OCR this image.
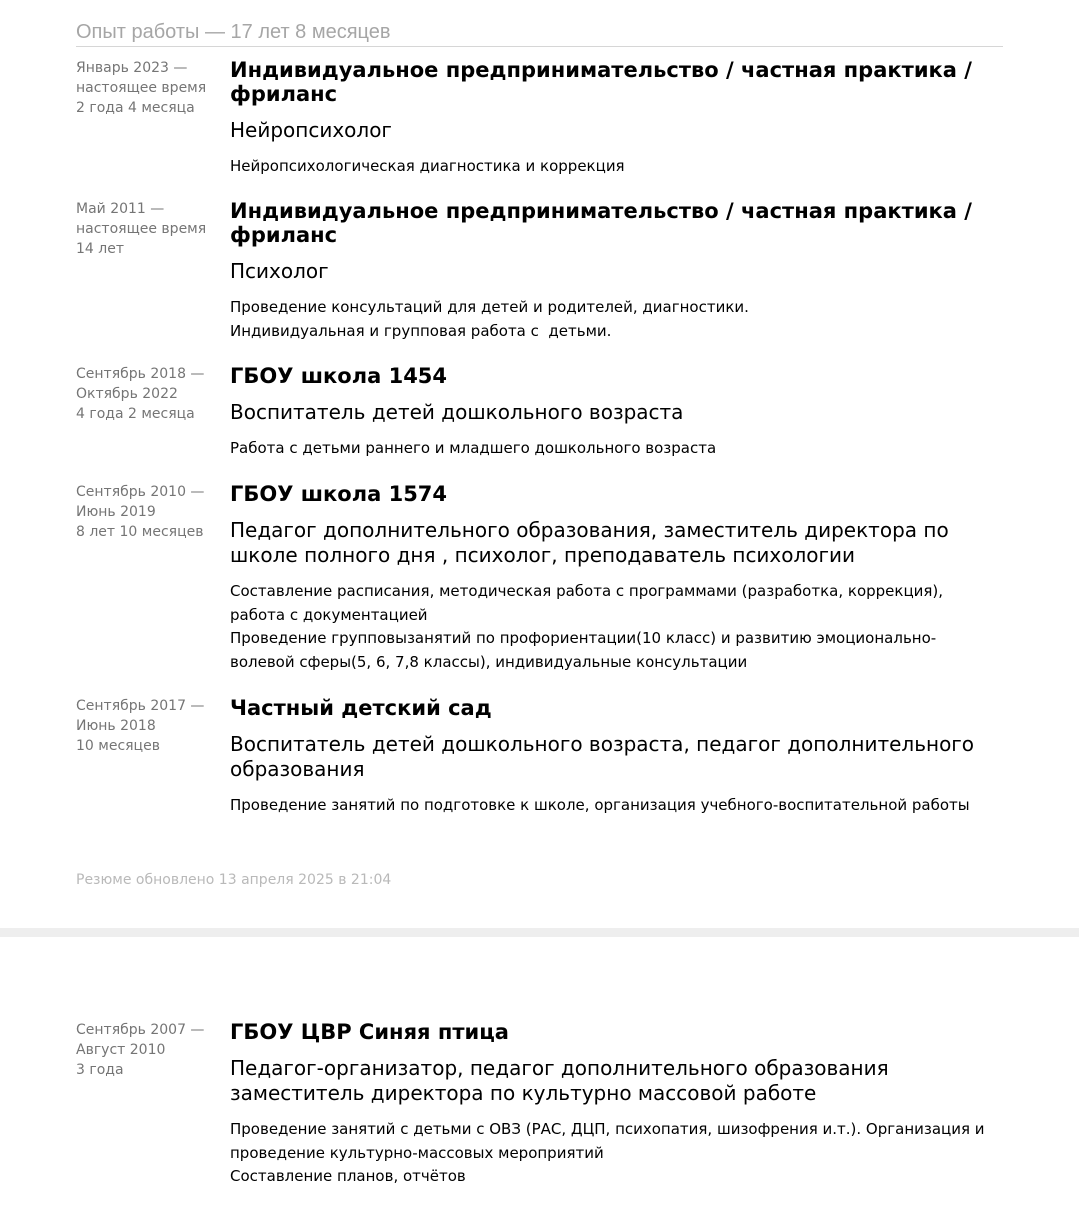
Опыт работы — 17 лет 8 месяцев
Январь 2023 —
настоящее время
2 года 4 месяца
Индивидуальное предпринимательство / частная практика /
фриланс
Нейропсихолог
Нейропсихологическая диагностика и коррекция
Май 2011 —
настоящее время
14 лет
Индивидуальное предпринимательство / частная практика /
фриланс
Психолог
Проведение консультаций для детей и родителей, диагностики.
Индивидуальная и групповая работа с  детьми.
Сентябрь 2018 —
Октябрь 2022
4 года 2 месяца
ГБОУ школа 1454
Воспитатель детей дошкольного возраста
Работа с детьми раннего и младшего дошкольного возраста
Сентябрь 2010 —
Июнь 2019
8 лет 10 месяцев
ГБОУ школа 1574
Педагог дополнительного образования, заместитель директора по
школе полного дня , психолог, преподаватель психологии
Составление расписания, методическая работа с программами (разработка, коррекция),
работа с документацией
Проведение групповызанятий по профориентации(10 класс) и развитию эмоционально-
волевой сферы(5, 6, 7,8 классы), индивидуальные консультации
Сентябрь 2017 —
Июнь 2018
10 месяцев
Частный детский сад
Воспитатель детей дошкольного возраста, педагог дополнительного
образования
Проведение занятий по подготовке к школе, организация учебного-воспитательной работы
Резюме обновлено 13 апреля 2025 в 21:04
Сентябрь 2007 —
Август 2010
3 года
ГБОУ ЦВР Синяя птица
Педагог-организатор, педагог дополнительного образования
заместитель директора по культурно массовой работе
Проведение занятий с детьми с ОВЗ (РАС, ДЦП, психопатия, шизофрения и.т.). Организация и
проведение культурно-массовых мероприятий
Составление планов, отчётов
